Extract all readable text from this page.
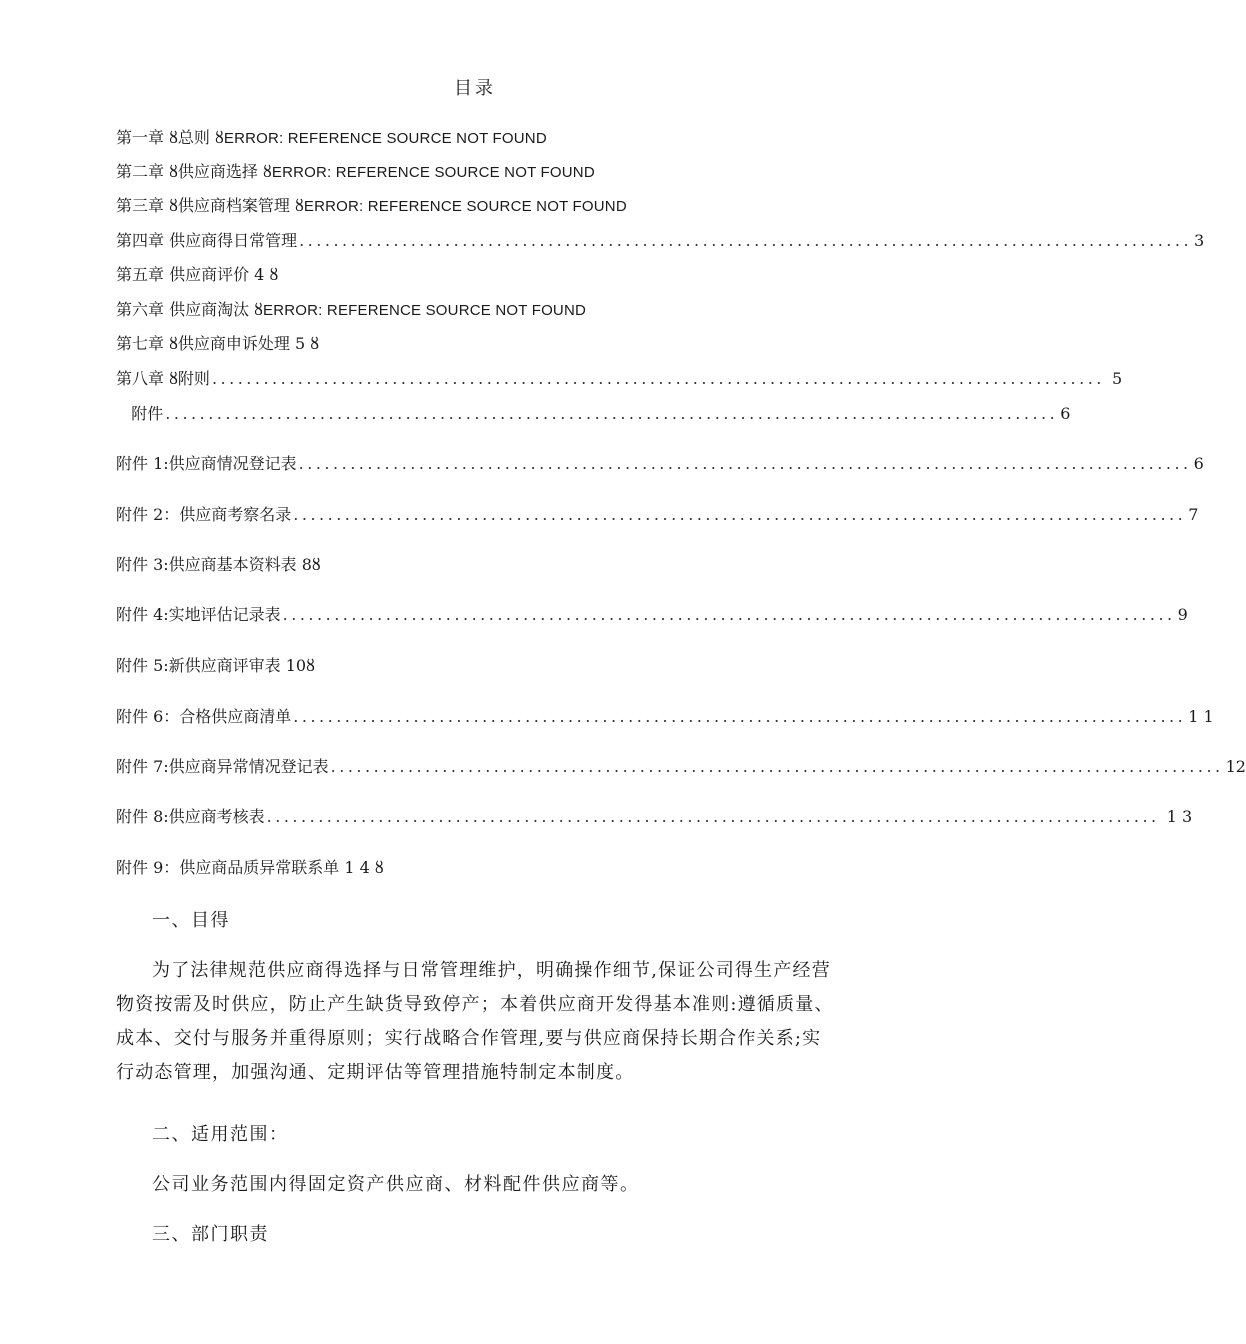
目录
第一章 ȣ总则 ȣERROR: REFERENCE SOURCE NOT FOUND
第二章 ȣ供应商选择 ȣERROR: REFERENCE SOURCE NOT FOUND
第三章 ȣ供应商档案管理 ȣERROR: REFERENCE SOURCE NOT FOUND
第四章 供应商得日常管理 ........................................................................................................ 3
第五章 供应商评价 4 ȣ
第六章 供应商淘汰 ȣERROR: REFERENCE SOURCE NOT FOUND
第七章 ȣ供应商申诉处理 5 ȣ
第八章 ȣ附则 ........................................................................................................ 5
附件 ........................................................................................................ 6
附件 1:供应商情况登记表 ........................................................................................................ 6
附件 2：供应商考察名录 ........................................................................................................ 7
附件 3:供应商基本资料表 8ȣ
附件 4:实地评估记录表 ........................................................................................................ 9
附件 5:新供应商评审表 10ȣ
附件 6：合格供应商清单 ........................................................................................................ 1 1
附件 7:供应商异常情况登记表 ........................................................................................................ 12
附件 8:供应商考核表 ........................................................................................................ 1 3
附件 9：供应商品质异常联系单 1 4 ȣ
一、目得
为了法律规范供应商得选择与日常管理维护，明确操作细节,保证公司得生产经营物资按需及时供应，防止产生缺货导致停产；本着供应商开发得基本准则:遵循质量、成本、交付与服务并重得原则；实行战略合作管理,要与供应商保持长期合作关系;实行动态管理，加强沟通、定期评估等管理措施特制定本制度。
二、适用范围：
公司业务范围内得固定资产供应商、材料配件供应商等。
三、部门职责
